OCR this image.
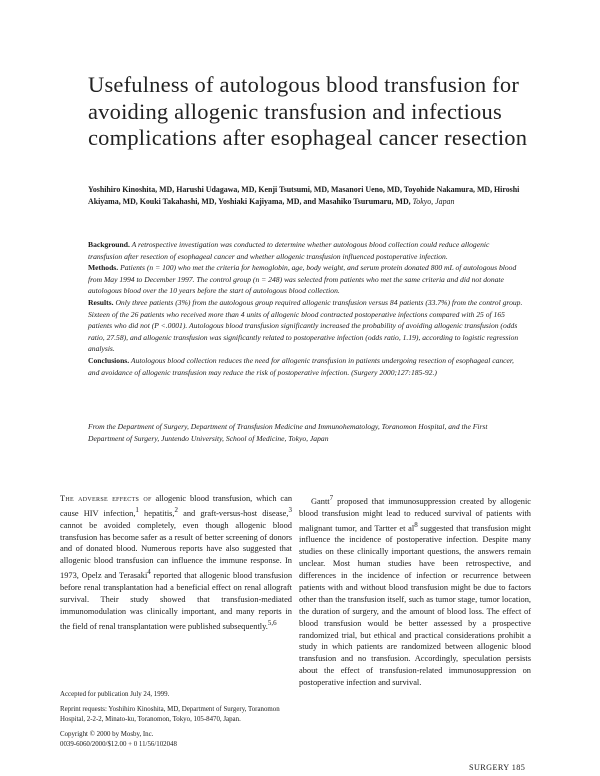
Usefulness of autologous blood transfusion for avoiding allogenic transfusion and infectious complications after esophageal cancer resection

Yoshihiro Kinoshita, MD, Harushi Udagawa, MD, Kenji Tsutsumi, MD, Masanori Ueno, MD, Toyohide Nakamura, MD, Hiroshi Akiyama, MD, Kouki Takahashi, MD, Yoshiaki Kajiyama, MD, and Masahiko Tsurumaru, MD, Tokyo, Japan

Background. A retrospective investigation was conducted to determine whether autologous blood collection could reduce allogenic transfusion after resection of esophageal cancer and whether allogenic transfusion influenced postoperative infection.

Methods. Patients (n = 100) who met the criteria for hemoglobin, age, body weight, and serum protein donated 800 mL of autologous blood from May 1994 to December 1997. The control group (n = 248) was selected from patients who met the same criteria and did not donate autologous blood over the 10 years before the start of autologous blood collection.

Results. Only three patients (3%) from the autologous group required allogenic transfusion versus 84 patients (33.7%) from the control group. Sixteen of the 26 patients who received more than 4 units of allogenic blood contracted postoperative infections compared with 25 of 165 patients who did not (P <.0001). Autologous blood transfusion significantly increased the probability of avoiding allogenic transfusion (odds ratio, 27.58), and allogenic transfusion was significantly related to postoperative infection (odds ratio, 1.19), according to logistic regression analysis.

Conclusions. Autologous blood collection reduces the need for allogenic transfusion in patients undergoing resection of esophageal cancer, and avoidance of allogenic transfusion may reduce the risk of postoperative infection. (Surgery 2000;127:185-92.)

From the Department of Surgery, Department of Transfusion Medicine and Immunohematology, Toranomon Hospital, and the First Department of Surgery, Juntendo University, School of Medicine, Tokyo, Japan

The adverse effects of allogenic blood transfusion, which can cause HIV infection,$^1$ hepatitis,$^2$ and graft-versus-host disease,$^3$ cannot be avoided completely, even though allogenic blood transfusion has become safer as a result of better screening of donors and of donated blood. Numerous reports have also suggested that allogenic blood transfusion can influence the immune response. In 1973, Opelz and Terasaki$^4$ reported that allogenic blood transfusion before renal transplantation had a beneficial effect on renal allograft survival. Their study showed that transfusion-mediated immunomodulation was clinically important, and many reports in the field of renal transplantation were published subsequently.$^{5,6}$

Accepted for publication July 24, 1999.

Reprint requests: Yoshihiro Kinoshita, MD, Department of Surgery, Toranomon Hospital, 2-2-2, Minato-ku, Toranomon, Tokyo, 105-8470, Japan.

Copyright © 2000 by Mosby, Inc.

0039-6060/2000/$12.00 + 0 11/56/102048

Gantt$^7$ proposed that immunosuppression created by allogenic blood transfusion might lead to reduced survival of patients with malignant tumor, and Tartter et $al^8$ suggested that transfusion might influence the incidence of postoperative infection. Despite many studies on these clinically important questions, the answers remain unclear. Most human studies have been retrospective, and differences in the incidence of infection or recurrence between patients with and without blood transfusion might be due to factors other than the transfusion itself, such as tumor stage, tumor location, the duration of surgery, and the amount of blood loss. The effect of blood transfusion would be better assessed by a prospective randomized trial, but ethical and practical considerations prohibit a study in which patients are randomized between allogenic blood transfusion and no transfusion. Accordingly, speculation persists about the effect of transfusion-related immunosuppression on postoperative infection and survival.

SURGERY 185
